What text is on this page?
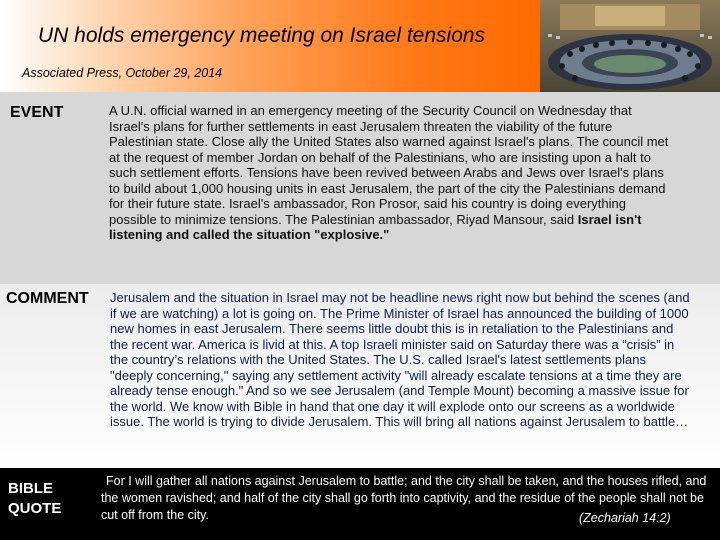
UN holds emergency meeting on Israel tensions
Associated Press, October 29, 2014
EVENT	A U.N. official warned in an emergency meeting of the Security Council on Wednesday that Israel's plans for further settlements in east Jerusalem threaten the viability of the future Palestinian state. Close ally the United States also warned against Israel's plans. The council met at the request of member Jordan on behalf of the Palestinians, who are insisting upon a halt to such settlement efforts. Tensions have been revived between Arabs and Jews over Israel's plans to build about 1,000 housing units in east Jerusalem, the part of the city the Palestinians demand for their future state. Israel's ambassador, Ron Prosor, said his country is doing everything possible to minimize tensions. The Palestinian ambassador, Riyad Mansour, said Israel isn't listening and called the situation "explosive."

COMMENT Jerusalem and the situation in Israel may not be headline news right now but behind the scenes (and if we are watching) a lot is going on. The Prime Minister of Israel has announced the building of 1000 new homes in east Jerusalem. There seems little doubt this is in retaliation to the Palestinians and the recent war. America is livid at this. A top Israeli minister said on Saturday there was a “crisis” in the country’s relations with the United States. The U.S. called Israel's latest settlements plans "deeply concerning," saying any settlement activity "will already escalate tensions at a time they are already tense enough." And so we see Jerusalem (and Temple Mount) becoming a massive issue for the world. We know with Bible in hand that one day it will explode onto our screens as a worldwide issue. The world is trying to divide Jerusalem. This will bring all nations against Jerusalem to battle…

BIBLE
QUOTE

For I will gather all nations against Jerusalem to battle; and the city shall be taken, and the houses rifled, and the women ravished; and half of the city shall go forth into captivity, and the residue of the people shall not be cut off from the city.	(Zechariah 14:2)
